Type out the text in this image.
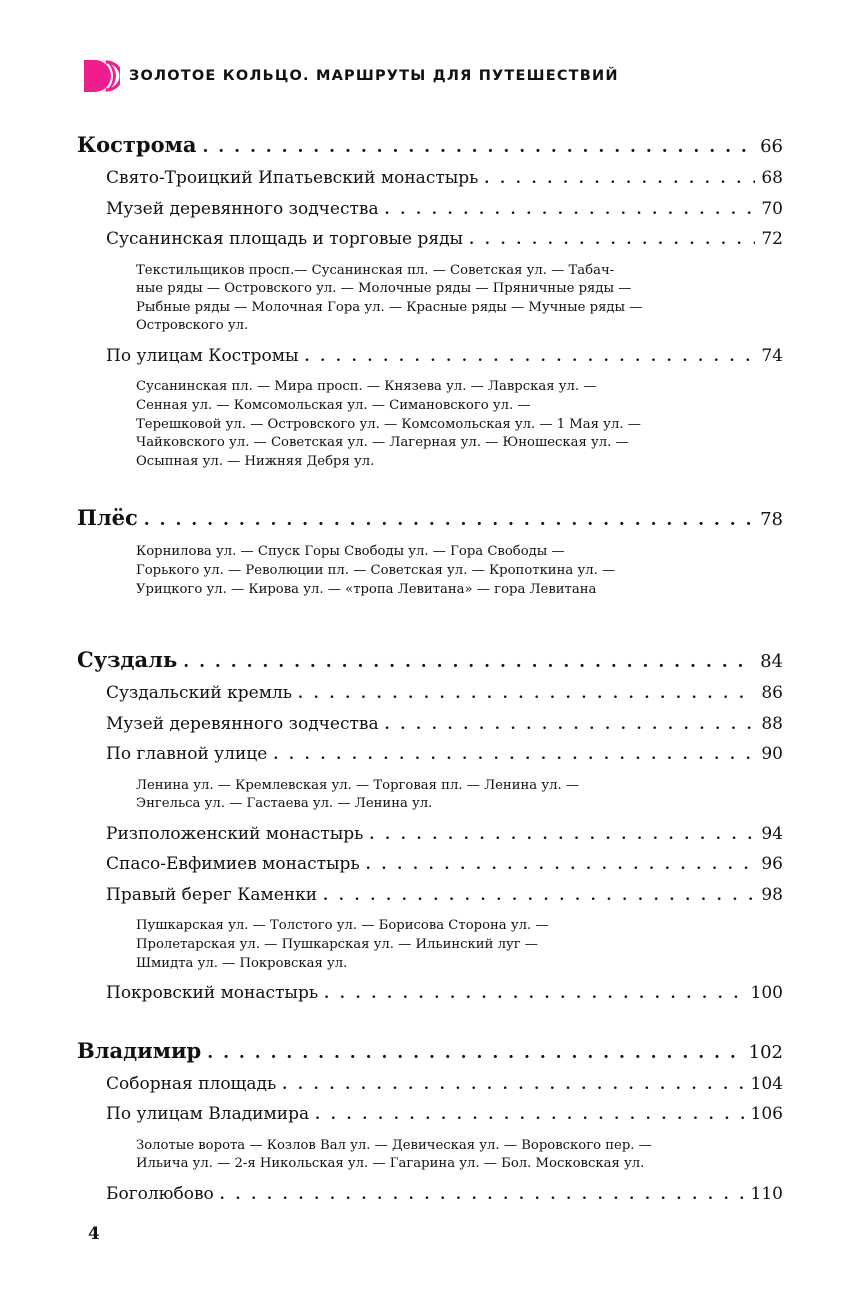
ЗОЛОТОЕ КОЛЬЦО. МАРШРУТЫ ДЛЯ ПУТЕШЕСТВИЙ
Кострома . . .	66
Свято-Троицкий Ипатьевский монастырь . . .	68
Музей деревянного зодчества . . .	70
Сусанинская площадь и торговые ряды . . .	72
Текстильщиков просп.— Сусанинская пл. — Советская ул. — Табач-
ные ряды — Островского ул. — Молочные ряды — Пряничные ряды —
Рыбные ряды — Молочная Гора ул. — Красные ряды — Мучные ряды —
Островского ул.
По улицам Костромы . . .	74
Сусанинская пл. — Мира просп. — Князева ул. — Лаврская ул. —
Сенная ул. — Комсомольская ул. — Симановского ул. —
Терешковой ул. — Островского ул. — Комсомольская ул. — 1 Мая ул. —
Чайковского ул. — Советская ул. — Лагерная ул. — Юношеская ул. —
Осыпная ул. — Нижняя Дебря ул.
Плёс . . .	78
Корнилова ул. — Спуск Горы Свободы ул. — Гора Свободы —
Горького ул. — Революции пл. — Советская ул. — Кропоткина ул. —
Урицкого ул. — Кирова ул. — «тропа Левитана» — гора Левитана
Суздаль . . .	84
Суздальский кремль . . .	86
Музей деревянного зодчества . . .	88
По главной улице . . .	90
Ленина ул. — Кремлевская ул. — Торговая пл. — Ленина ул. —
Энгельса ул. — Гастаева ул. — Ленина ул.
Ризположенский монастырь . . .	94
Спасо-Евфимиев монастырь . . .	96
Правый берег Каменки . . .	98
Пушкарская ул. — Толстого ул. — Борисова Сторона ул. —
Пролетарская ул. — Пушкарская ул. — Ильинский луг —
Шмидта ул. — Покровская ул.
Покровский монастырь . . .	100
Владимир . . .	102
Соборная площадь . . .	104
По улицам Владимира . . .	106
Золотые ворота — Козлов Вал ул. — Девическая ул. — Воровского пер. —
Ильича ул. — 2-я Никольская ул. — Гагарина ул. — Бол. Московская ул.
Боголюбово . . .	110
4
